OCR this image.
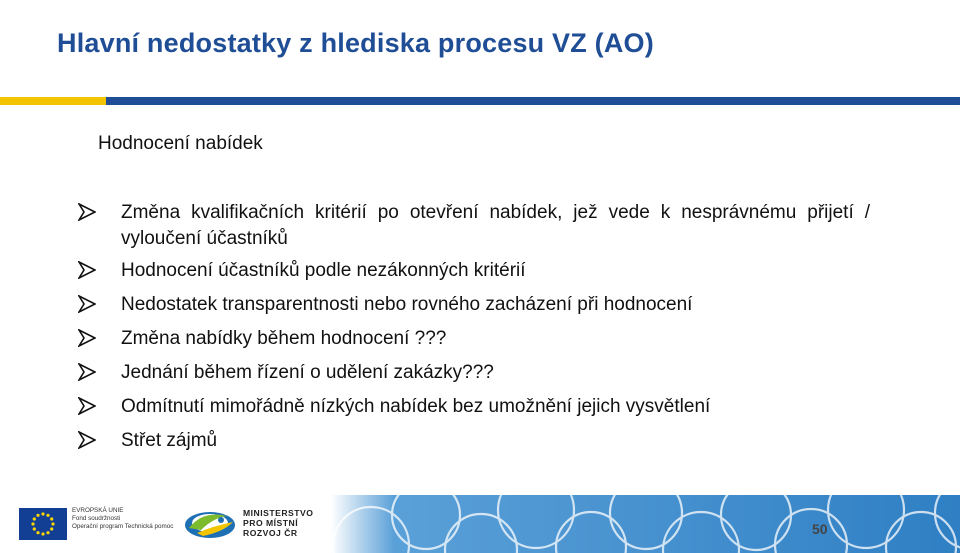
Hlavní nedostatky z hlediska procesu VZ (AO)
Hodnocení nabídek
Změna kvalifikačních kritérií po otevření nabídek, jež vede k nesprávnému přijetí / vyloučení účastníků
Hodnocení účastníků podle nezákonných kritérií
Nedostatek transparentnosti nebo rovného zacházení při hodnocení
Změna nabídky během hodnocení ???
Jednání během řízení o udělení zakázky???
Odmítnutí mimořádně nízkých nabídek bez umožnění jejich vysvětlení
Střet zájmů
50
EVROPSKÁ UNIE
Fond soudržnosti
Operační program Technická pomoc
MINISTERSTVO
PRO MÍSTNÍ
ROZVOJ ČR
